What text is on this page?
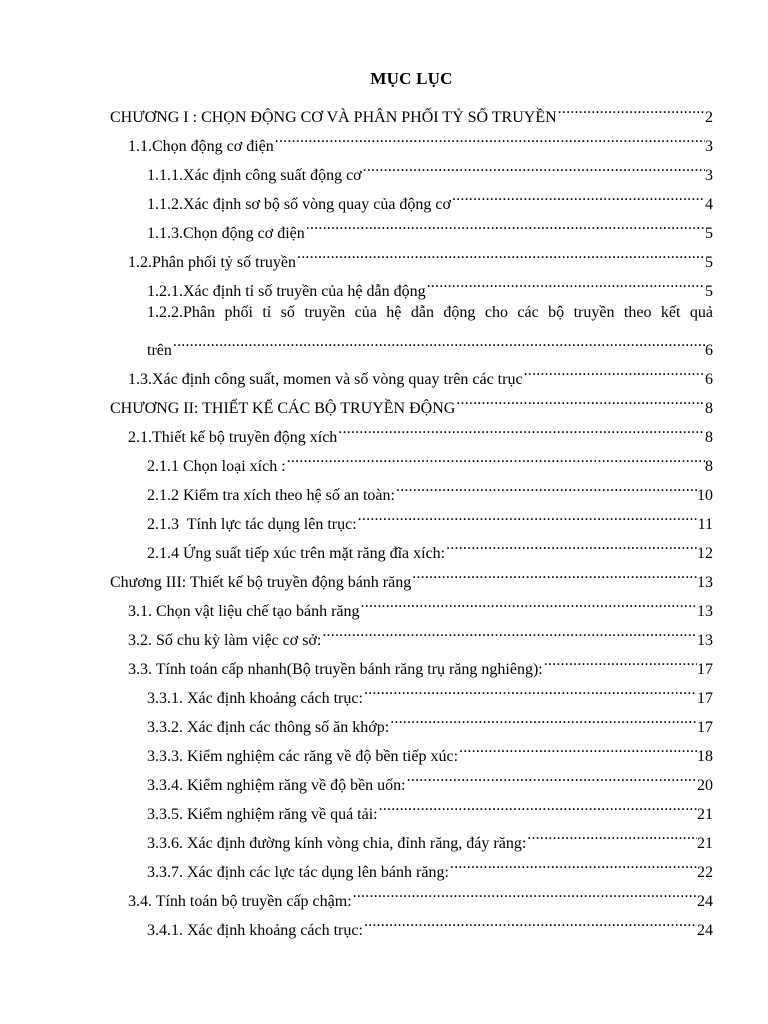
MỤC LỤC
CHƯƠNG I : CHỌN ĐỘNG CƠ VÀ PHÂN PHỐI TỶ SỐ TRUYỀN .....	2
1.1.Chọn động cơ điện .....	3
1.1.1.Xác định công suất động cơ .....	3
1.1.2.Xác định sơ bộ số vòng quay của động cơ .....	4
1.1.3.Chọn động cơ điện .....	5
1.2.Phân phối tỷ số truyền .....	5
1.2.1.Xác định tỉ số truyền của hệ dẫn động .....	5
1.2.2.Phân phối tỉ số truyền của hệ dẫn động cho các bộ truyền theo kết quả
trên .....	6
1.3.Xác định công suất, momen và số vòng quay trên các trục .....	6
CHƯƠNG II: THIẾT KẾ CÁC BỘ TRUYỀN ĐỘNG .....	8
2.1.Thiết kế bộ truyền động xích .....	8
2.1.1 Chọn loại xích : .....	8
2.1.2 Kiểm tra xích theo hệ số an toàn: .....	10
2.1.3  Tính lực tác dụng lên trục: .....	11
2.1.4 Ứng suất tiếp xúc trên mặt răng đĩa xích: .....	12
Chương III: Thiết kế bộ truyền động bánh răng .....	13
3.1. Chọn vật liệu chế tạo bánh răng .....	13
3.2. Số chu kỳ làm việc cơ sở: .....	13
3.3. Tính toán cấp nhanh(Bộ truyền bánh răng trụ răng nghiêng): .....	17
3.3.1. Xác định khoảng cách trục: .....	17
3.3.2. Xác định các thông số ăn khớp: .....	17
3.3.3. Kiểm nghiệm các răng về độ bền tiếp xúc: .....	18
3.3.4. Kiểm nghiệm răng về độ bền uốn: .....	20
3.3.5. Kiểm nghiệm răng về quá tải: .....	21
3.3.6. Xác định đường kính vòng chia, đỉnh răng, đáy răng: .....	21
3.3.7. Xác định các lực tác dụng lên bánh răng: .....	22
3.4. Tính toán bộ truyền cấp chậm: .....	24
3.4.1. Xác định khoảng cách trục: .....	24
